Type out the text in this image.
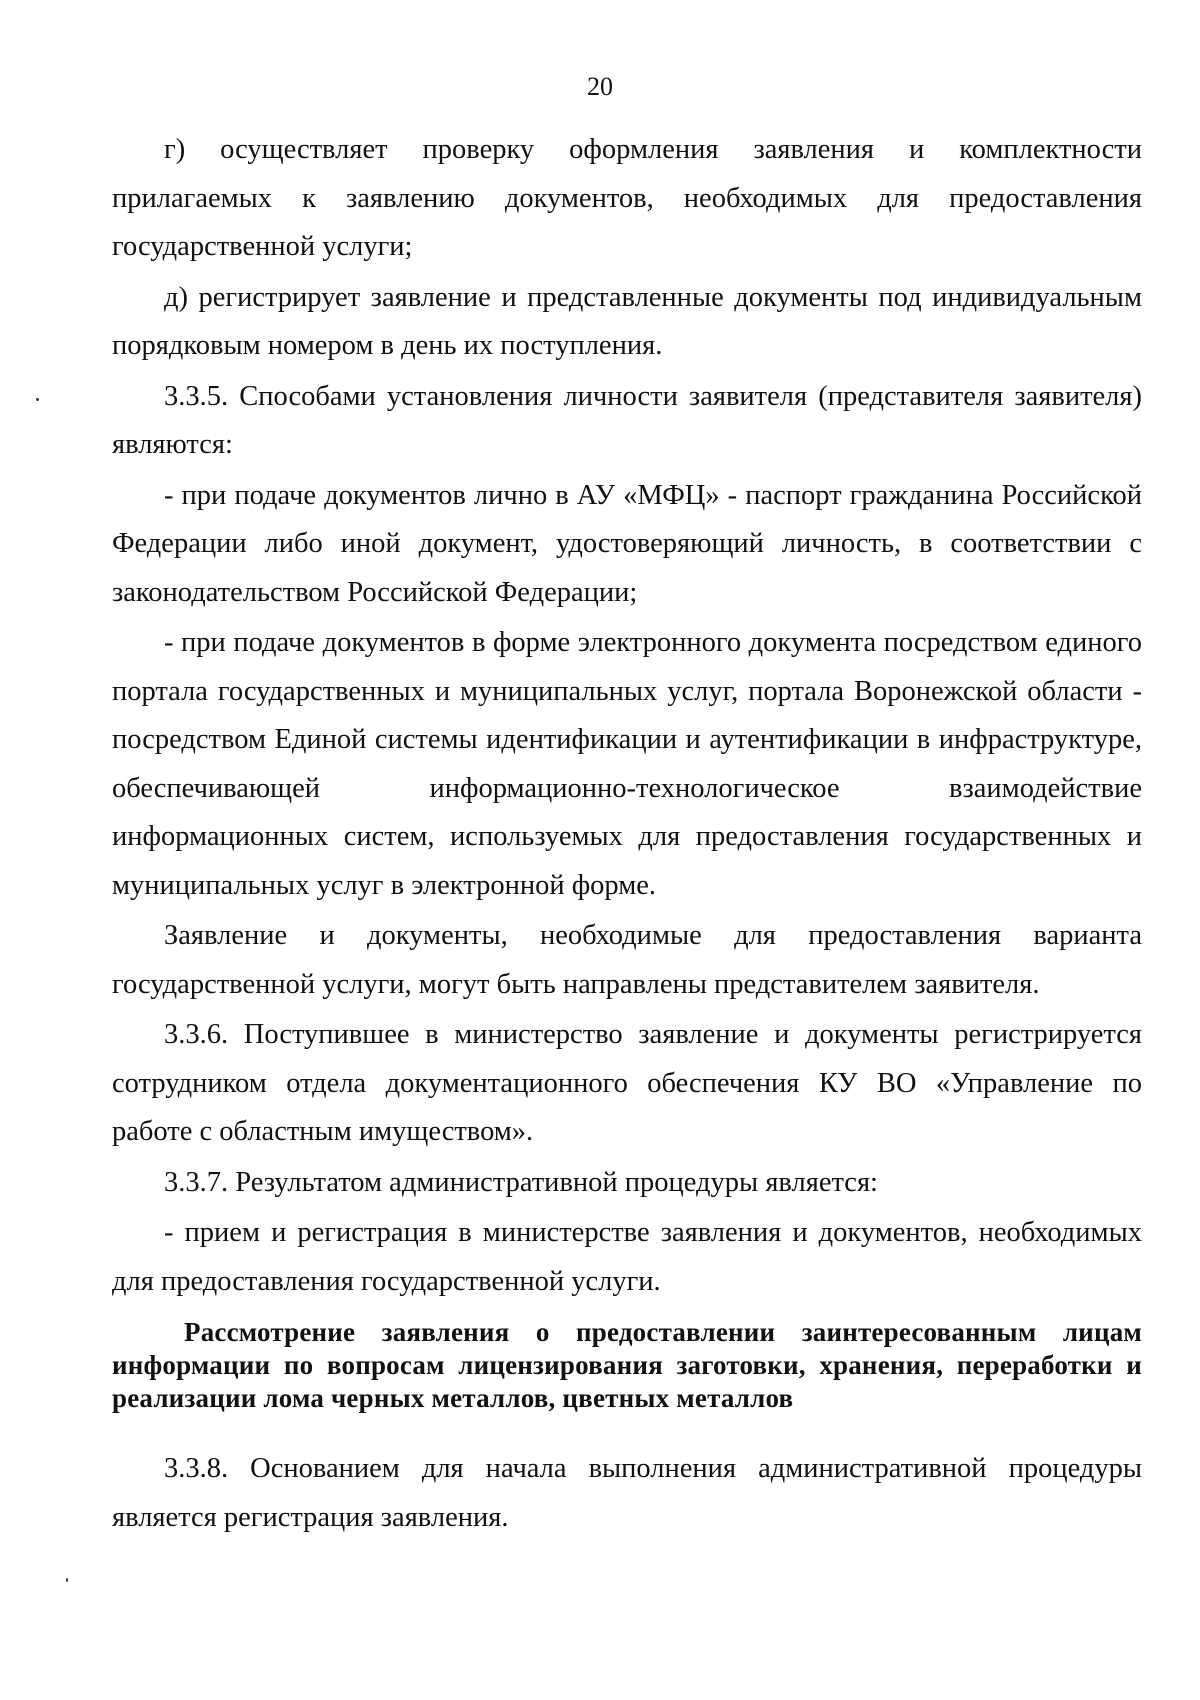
20

г) осуществляет проверку оформления заявления и комплектности прилагаемых к заявлению документов, необходимых для предоставления государственной услуги;

д) регистрирует заявление и представленные документы под индивидуальным порядковым номером в день их поступления.

3.3.5. Способами установления личности заявителя (представителя заявителя) являются:

- при подаче документов лично в АУ «МФЦ» - паспорт гражданина Российской Федерации либо иной документ, удостоверяющий личность, в соответствии с законодательством Российской Федерации;

- при подаче документов в форме электронного документа посредством единого портала государственных и муниципальных услуг, портала Воронежской области - посредством Единой системы идентификации и аутентификации в инфраструктуре, обеспечивающей информационно-технологическое взаимодействие информационных систем, используемых для предоставления государственных и муниципальных услуг в электронной форме.

Заявление и документы, необходимые для предоставления варианта государственной услуги, могут быть направлены представителем заявителя.

3.3.6. Поступившее в министерство заявление и документы регистрируется сотрудником отдела документационного обеспечения КУ ВО «Управление по работе с областным имуществом».

3.3.7. Результатом административной процедуры является:

- прием и регистрация в министерстве заявления и документов, необходимых для предоставления государственной услуги.

Рассмотрение заявления о предоставлении заинтересованным лицам информации по вопросам лицензирования заготовки, хранения, переработки и реализации лома черных металлов, цветных металлов

3.3.8. Основанием для начала выполнения административной процедуры является регистрация заявления.
